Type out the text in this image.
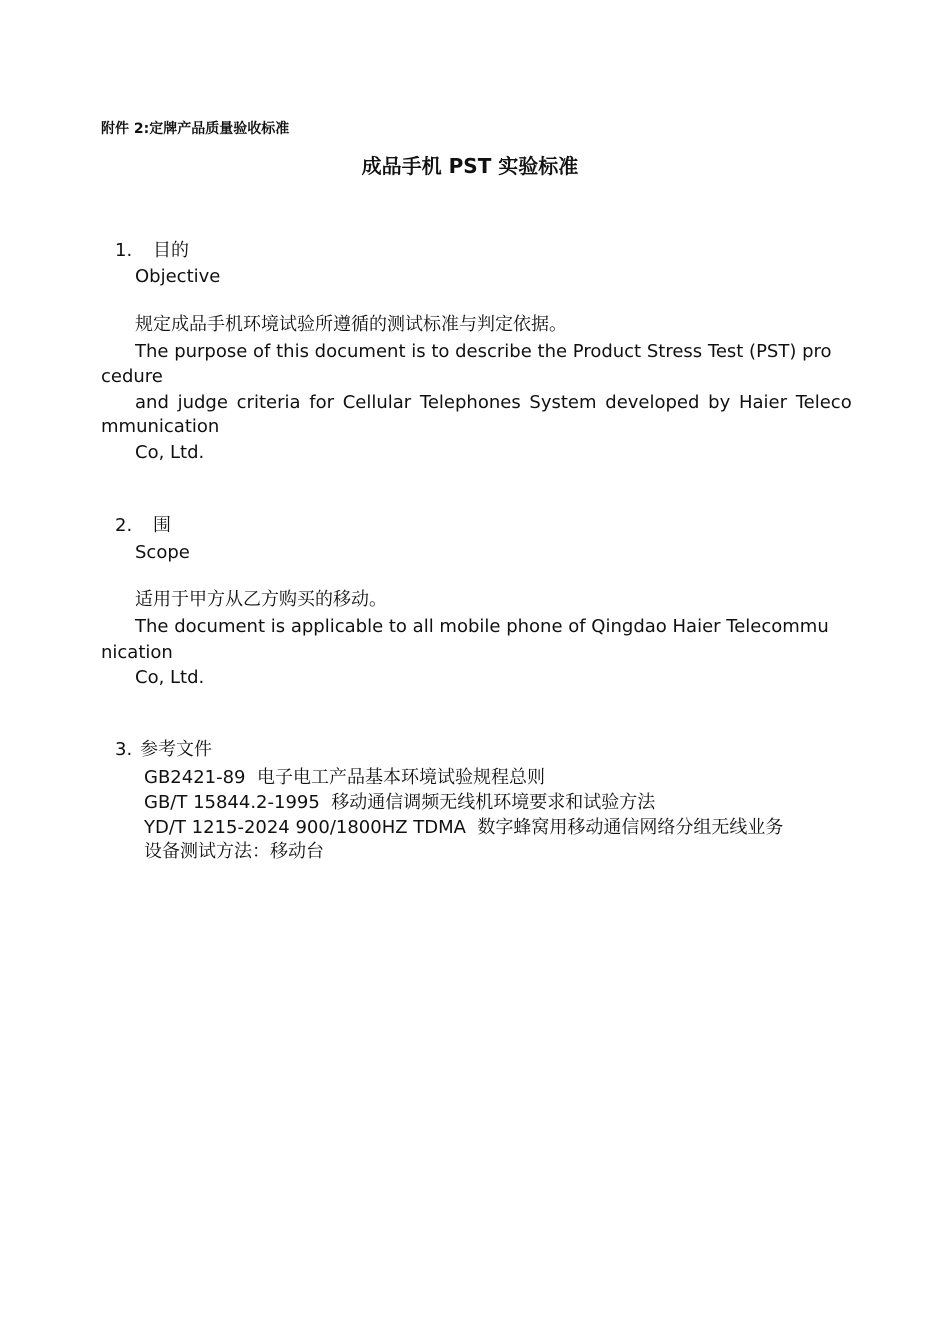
附件 2:定牌产品质量验收标准
成品手机 PST 实验标准
1. 目的
Objective
规定成品手机环境试验所遵循的测试标准与判定依据。
The purpose of this document is to describe the Product Stress Test (PST) pro
cedure
and judge criteria for Cellular Telephones System developed by Haier Teleco
mmunication
Co, Ltd.
2. 围
Scope
适用于甲方从乙方购买的移动。
The document is applicable to all mobile phone of Qingdao Haier Telecommu
nication
Co, Ltd.
3. 参考文件
GB2421-89  电子电工产品基本环境试验规程总则
GB/T 15844.2-1995  移动通信调频无线机环境要求和试验方法
YD/T 1215-2024 900/1800HZ TDMA  数字蜂窝用移动通信网络分组无线业务
设备测试方法：移动台
